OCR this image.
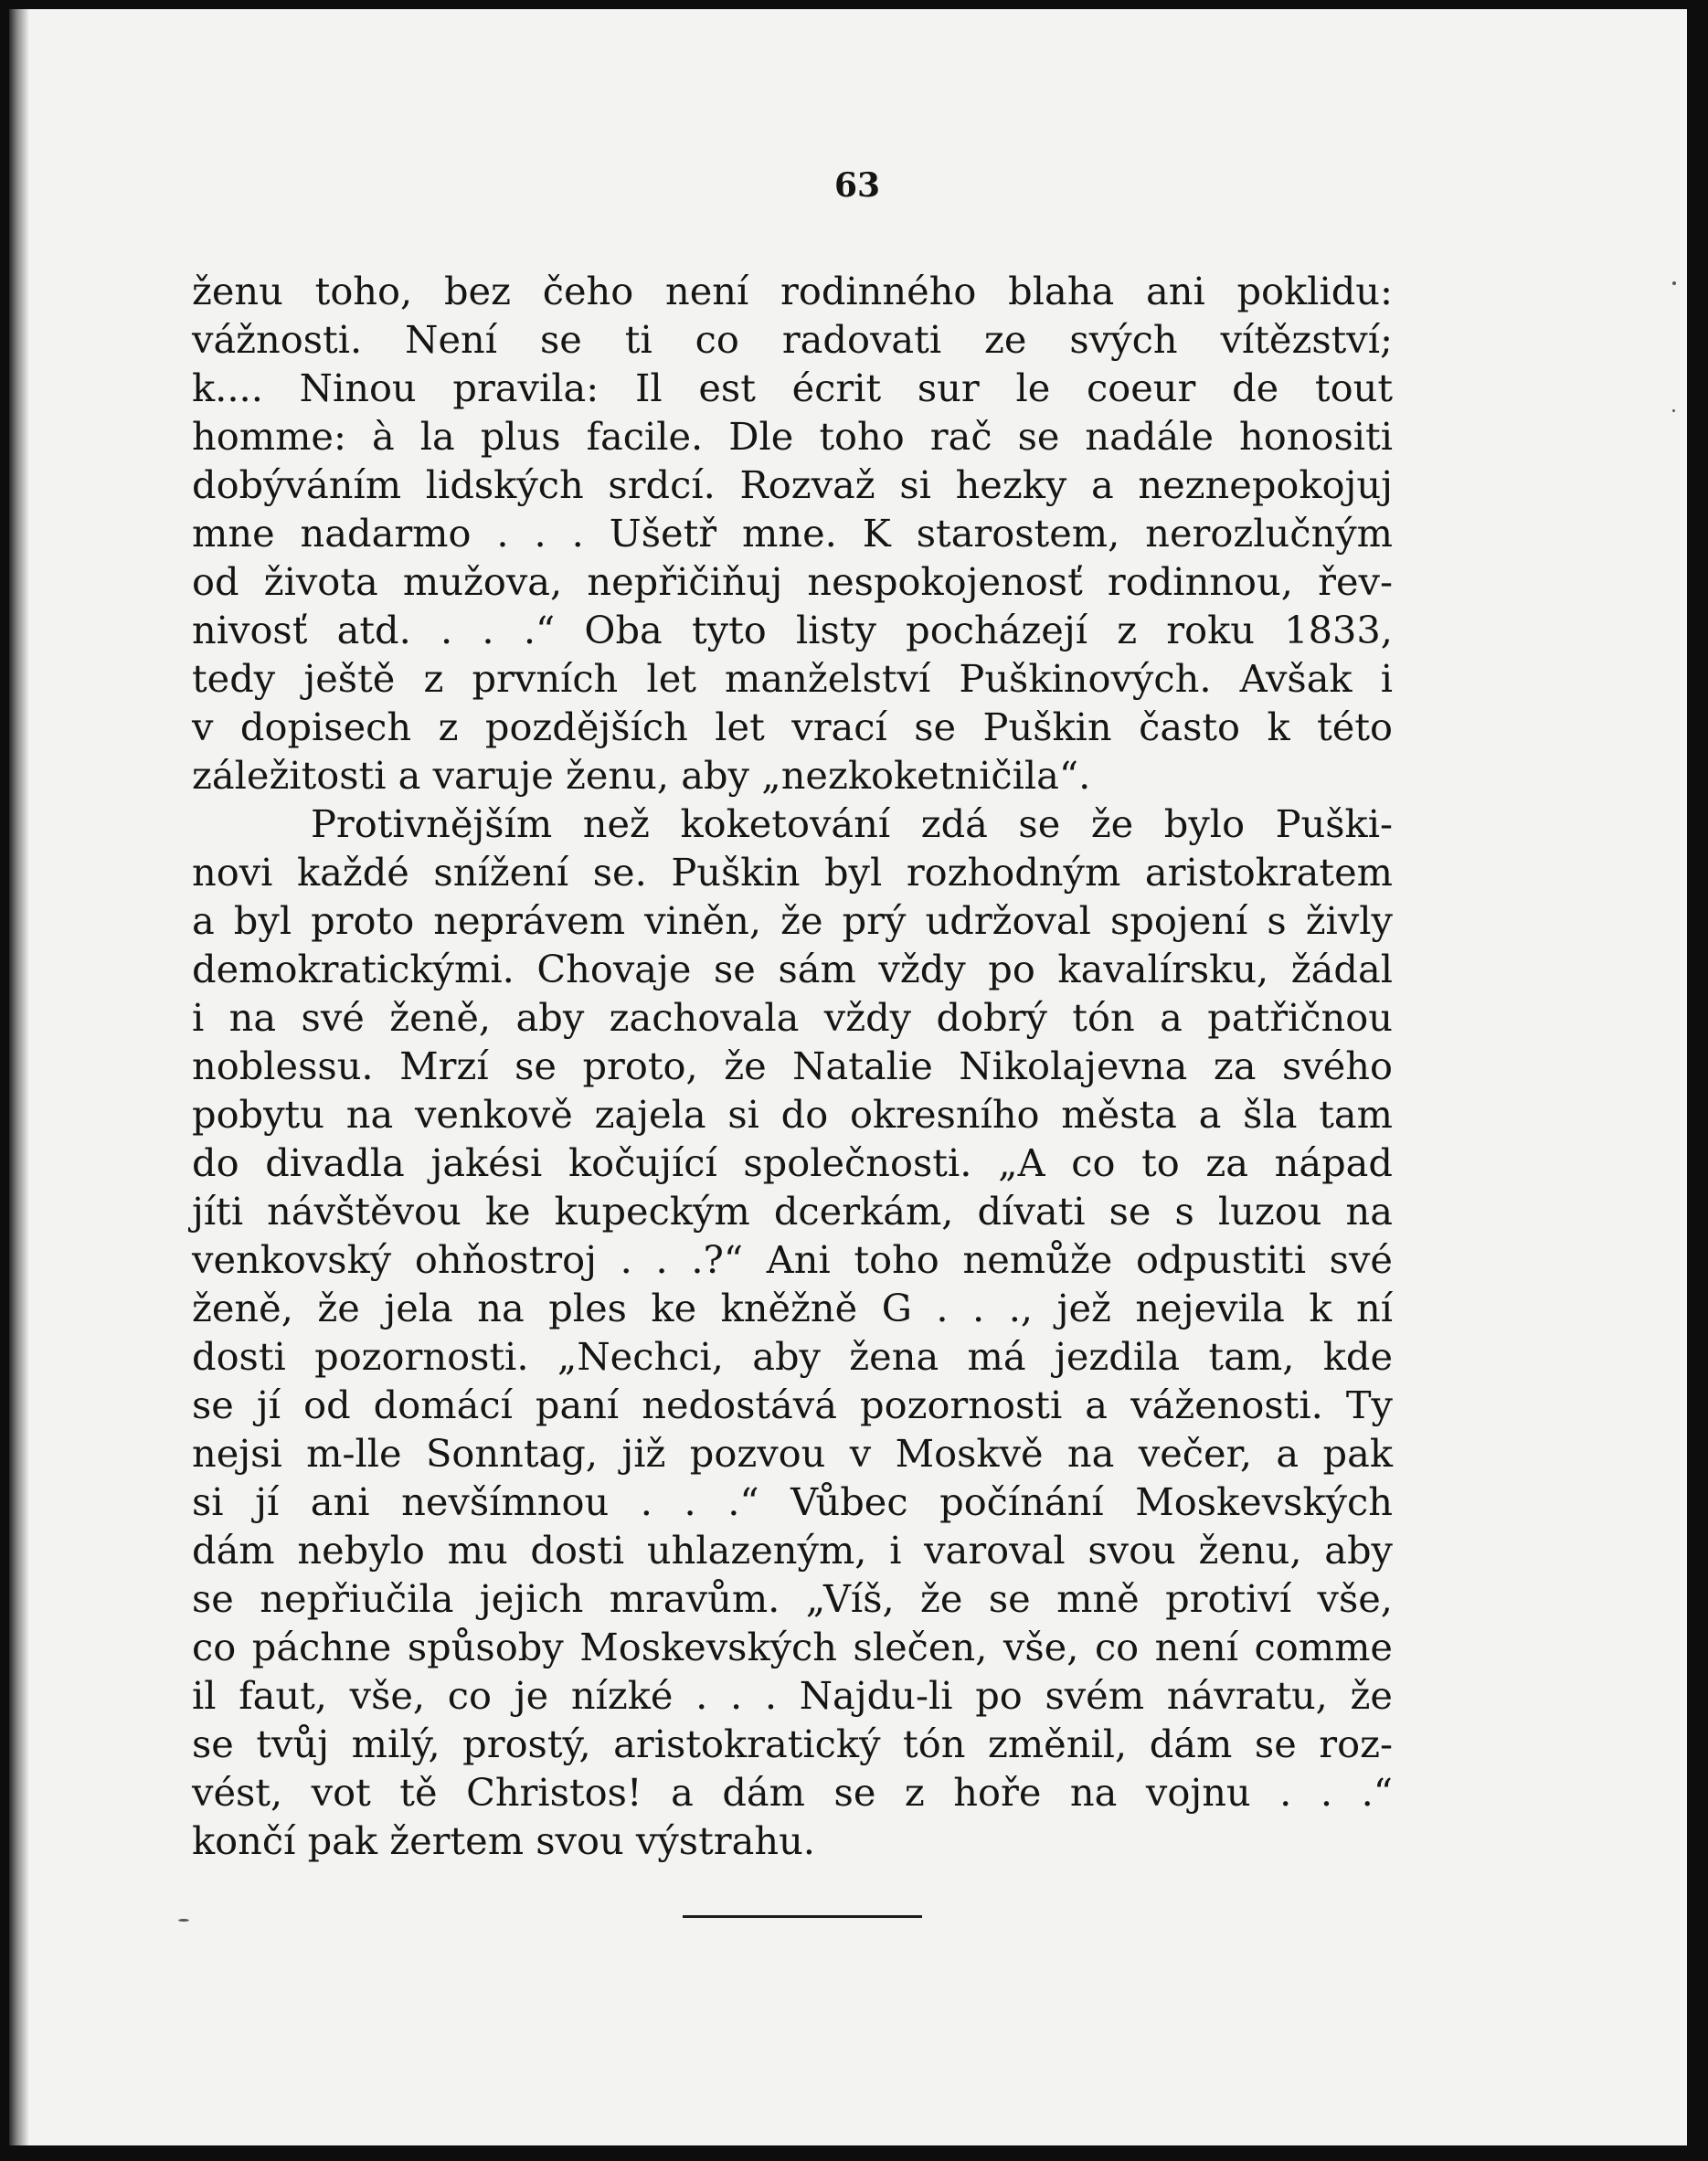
63
ženu toho, bez čeho není rodinného blaha ani poklidu:
vážnosti. Není se ti co radovati ze svých vítězství;
k.... Ninou pravila: Il est écrit sur le coeur de tout
homme: à la plus facile. Dle toho rač se nadále honositi
dobýváním lidských srdcí. Rozvaž si hezky a neznepokojuj
mne nadarmo . . . Ušetř mne. K starostem, nerozlučným
od života mužova, nepřičiňuj nespokojenosť rodinnou, řev-
nivosť atd. . . .“ Oba tyto listy pocházejí z roku 1833,
tedy ještě z prvních let manželství Puškinových. Avšak i
v dopisech z pozdějších let vrací se Puškin často k této
záležitosti a varuje ženu, aby „nezkoketničila“.
Protivnějším než koketování zdá se že bylo Puški-
novi každé snížení se. Puškin byl rozhodným aristokratem
a byl proto neprávem viněn, že prý udržoval spojení s živly
demokratickými. Chovaje se sám vždy po kavalírsku, žádal
i na své ženě, aby zachovala vždy dobrý tón a patřičnou
noblessu. Mrzí se proto, že Natalie Nikolajevna za svého
pobytu na venkově zajela si do okresního města a šla tam
do divadla jakési kočující společnosti. „A co to za nápad
jíti návštěvou ke kupeckým dcerkám, dívati se s luzou na
venkovský ohňostroj . . .?“ Ani toho nemůže odpustiti své
ženě, že jela na ples ke kněžně G . . ., jež nejevila k ní
dosti pozornosti. „Nechci, aby žena má jezdila tam, kde
se jí od domácí paní nedostává pozornosti a váženosti. Ty
nejsi m-lle Sonntag, již pozvou v Moskvě na večer, a pak
si jí ani nevšímnou . . .“ Vůbec počínání Moskevských
dám nebylo mu dosti uhlazeným, i varoval svou ženu, aby
se nepřiučila jejich mravům. „Víš, že se mně protiví vše,
co páchne spůsoby Moskevských slečen, vše, co není comme
il faut, vše, co je nízké . . . Najdu-li po svém návratu, že
se tvůj milý, prostý, aristokratický tón změnil, dám se roz-
vést, vot tě Christos! a dám se z hoře na vojnu . . .“
končí pak žertem svou výstrahu.
